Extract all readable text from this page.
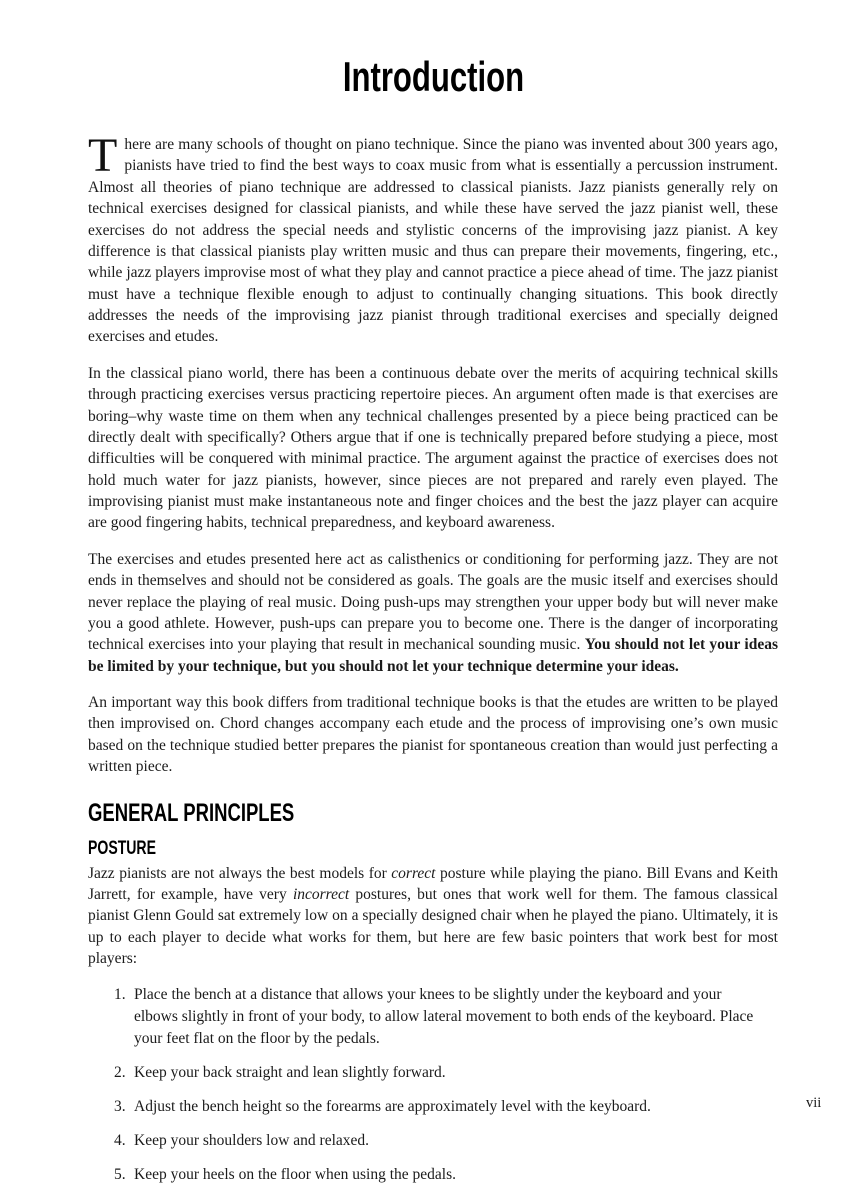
Introduction

There are many schools of thought on piano technique. Since the piano was invented about 300 years ago, pianists have tried to find the best ways to coax music from what is essentially a percussion instrument. Almost all theories of piano technique are addressed to classical pianists. Jazz pianists generally rely on technical exercises designed for classical pianists, and while these have served the jazz pianist well, these exercises do not address the special needs and stylistic concerns of the improvising jazz pianist. A key difference is that classical pianists play written music and thus can prepare their movements, fingering, etc., while jazz players improvise most of what they play and cannot practice a piece ahead of time. The jazz pianist must have a technique flexible enough to adjust to continually changing situations. This book directly addresses the needs of the improvising jazz pianist through traditional exercises and specially deigned exercises and etudes.

In the classical piano world, there has been a continuous debate over the merits of acquiring technical skills through practicing exercises versus practicing repertoire pieces. An argument often made is that exercises are boring–why waste time on them when any technical challenges presented by a piece being practiced can be directly dealt with specifically? Others argue that if one is technically prepared before studying a piece, most difficulties will be conquered with minimal practice. The argument against the practice of exercises does not hold much water for jazz pianists, however, since pieces are not prepared and rarely even played. The improvising pianist must make instantaneous note and finger choices and the best the jazz player can acquire are good fingering habits, technical preparedness, and keyboard awareness.

The exercises and etudes presented here act as calisthenics or conditioning for performing jazz. They are not ends in themselves and should not be considered as goals. The goals are the music itself and exercises should never replace the playing of real music. Doing push-ups may strengthen your upper body but will never make you a good athlete. However, push-ups can prepare you to become one. There is the danger of incorporating technical exercises into your playing that result in mechanical sounding music. You should not let your ideas be limited by your technique, but you should not let your technique determine your ideas.

An important way this book differs from traditional technique books is that the etudes are written to be played then improvised on. Chord changes accompany each etude and the process of improvising one’s own music based on the technique studied better prepares the pianist for spontaneous creation than would just perfecting a written piece.

GENERAL PRINCIPLES
POSTURE

Jazz pianists are not always the best models for correct posture while playing the piano. Bill Evans and Keith Jarrett, for example, have very incorrect postures, but ones that work well for them. The famous classical pianist Glenn Gould sat extremely low on a specially designed chair when he played the piano. Ultimately, it is up to each player to decide what works for them, but here are few basic pointers that work best for most players:

1. Place the bench at a distance that allows your knees to be slightly under the keyboard and your elbows slightly in front of your body, to allow lateral movement to both ends of the keyboard. Place your feet flat on the floor by the pedals.
2. Keep your back straight and lean slightly forward.
3. Adjust the bench height so the forearms are approximately level with the keyboard.
4. Keep your shoulders low and relaxed.
5. Keep your heels on the floor when using the pedals.
vii
